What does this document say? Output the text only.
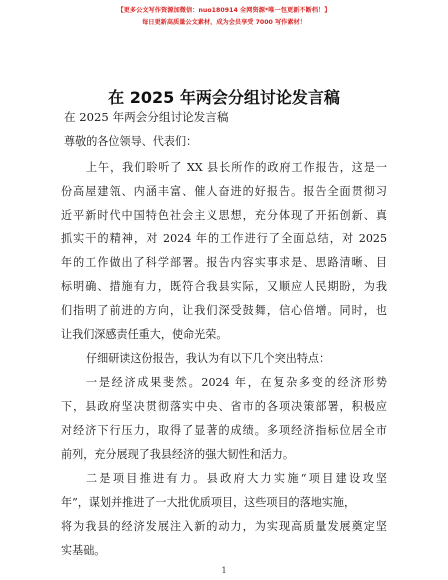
【更多公文写作资源加微信：nuo180914 全网资源*唯一包更新不断档！】
每日更新高质量公文素材，成为会员享受 7000 写作素材！
在 2025 年两会分组讨论发言稿
在 2025 年两会分组讨论发言稿
尊敬的各位领导、代表们：
上午，我们聆听了 XX 县长所作的政府工作报告，这是一
份高屋建瓴、内涵丰富、催人奋进的好报告。报告全面贯彻习
近平新时代中国特色社会主义思想，充分体现了开拓创新、真
抓实干的精神，对 2024 年的工作进行了全面总结，对 2025
年的工作做出了科学部署。报告内容实事求是、思路清晰、目
标明确、措施有力，既符合我县实际，又顺应人民期盼，为我
们指明了前进的方向，让我们深受鼓舞，信心倍增。同时，也
让我们深感责任重大，使命光荣。
仔细研读这份报告，我认为有以下几个突出特点：
一是经济成果斐然。2024 年，在复杂多变的经济形势
下，县政府坚决贯彻落实中央、省市的各项决策部署，积极应
对经济下行压力，取得了显著的成绩。多项经济指标位居全市
前列，充分展现了我县经济的强大韧性和活力。
二是项目推进有力。县政府大力实施“项目建设攻坚
年”，谋划并推进了一大批优质项目，这些项目的落地实施，
将为我县的经济发展注入新的动力，为实现高质量发展奠定坚
实基础。
1
